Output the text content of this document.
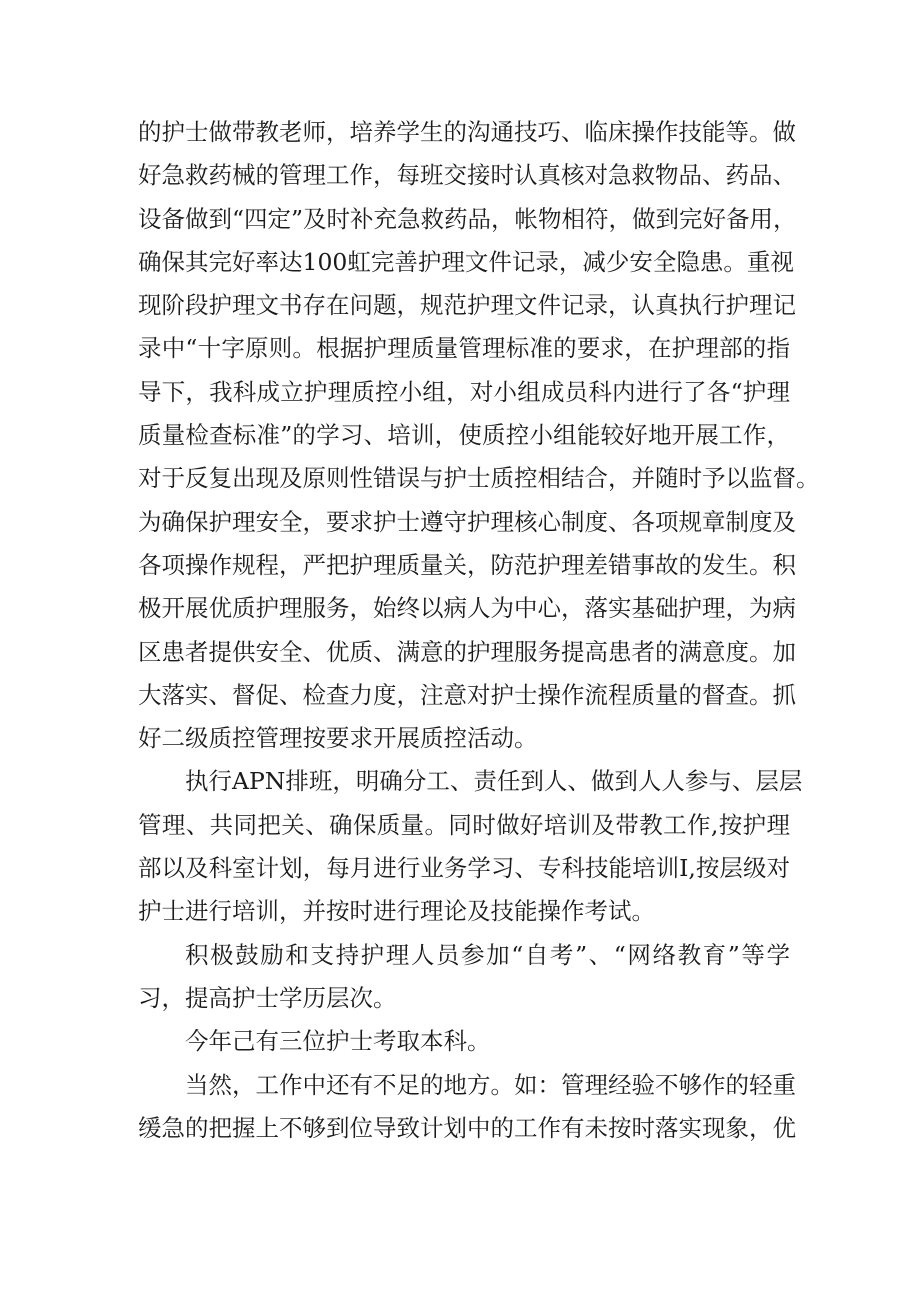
的护士做带教老师，培养学生的沟通技巧、临床操作技能等。做
好急救药械的管理工作，每班交接时认真核对急救物品、药品、
设备做到“四定”及时补充急救药品，帐物相符，做到完好备用，
确保其完好率达100虹完善护理文件记录，减少安全隐患。重视
现阶段护理文书存在问题，规范护理文件记录，认真执行护理记
录中“十字原则。根据护理质量管理标准的要求，在护理部的指
导下，我科成立护理质控小组，对小组成员科内进行了各“护理
质量检查标准”的学习、培训，使质控小组能较好地开展工作，
对于反复出现及原则性错误与护士质控相结合，并随时予以监督。
为确保护理安全，要求护士遵守护理核心制度、各项规章制度及
各项操作规程，严把护理质量关，防范护理差错事故的发生。积
极开展优质护理服务，始终以病人为中心，落实基础护理，为病
区患者提供安全、优质、满意的护理服务提高患者的满意度。加
大落实、督促、检查力度，注意对护士操作流程质量的督查。抓
好二级质控管理按要求开展质控活动。
执行APN排班，明确分工、责任到人、做到人人参与、层层
管理、共同把关、确保质量。同时做好培训及带教工作,按护理
部以及科室计划，每月进行业务学习、专科技能培训I,按层级对
护士进行培训，并按时进行理论及技能操作考试。
积极鼓励和支持护理人员参加“自考”、“网络教育”等学
习，提高护士学历层次。
今年己有三位护士考取本科。
当然，工作中还有不足的地方。如：管理经验不够作的轻重
缓急的把握上不够到位导致计划中的工作有未按时落实现象，优
